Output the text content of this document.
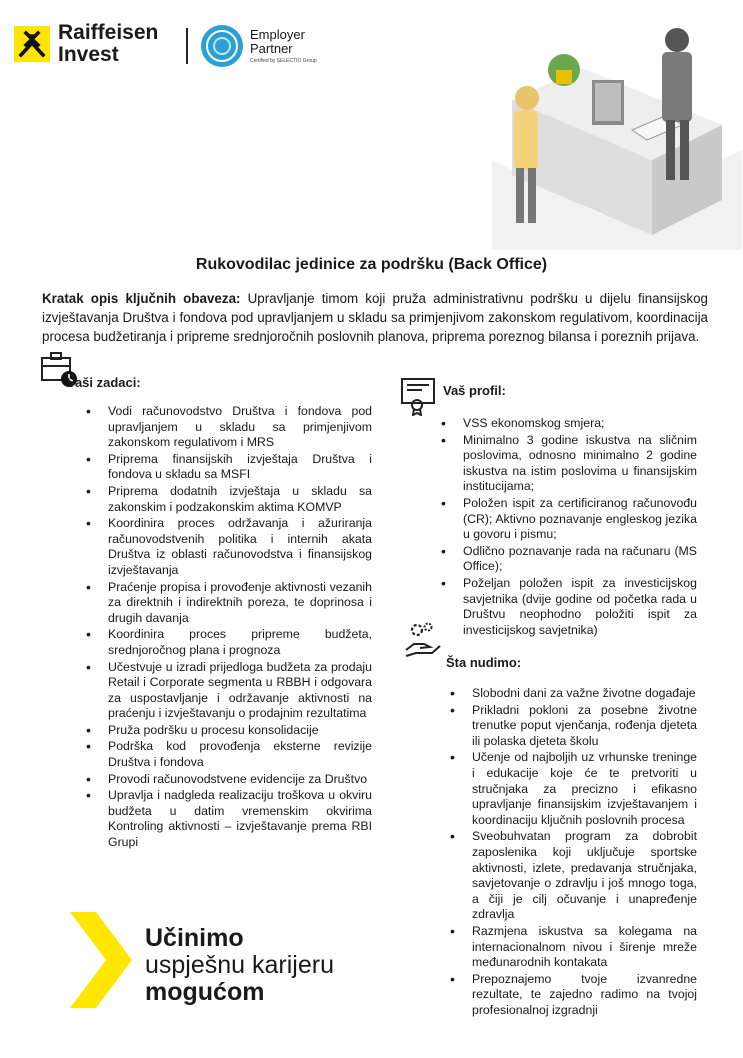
Raiffeisen
Invest
Employer
Partner
Certified by SELECTIO Group
Rukovodilac jedinice za podršku (Back Office)
Kratak opis ključnih obaveza: Upravljanje timom koji pruža administrativnu podršku u dijelu finansijskog izvještavanja Društva i fondova pod upravljanjem u skladu sa primjenjivom zakonskom regulativom, koordinacija procesa budžetiranja i pripreme srednjoročnih poslovnih planova, priprema poreznog bilansa i poreznih prijava.
Vaši zadaci:
• Vodi računovodstvo Društva i fondova pod upravljanjem u skladu sa primjenjivom zakonskom regulativom i MRS
• Priprema finansijskih izvještaja Društva i fondova u skladu sa MSFI
• Priprema dodatnih izvještaja u skladu sa zakonskim i podzakonskim aktima KOMVP
• Koordinira proces održavanja i ažuriranja računovodstvenih politika i internih akata Društva iz oblasti računovodstva i finansijskog izvještavanja
• Praćenje propisa i provođenje aktivnosti vezanih za direktnih i indirektnih poreza, te doprinosa i drugih davanja
• Koordinira proces pripreme budžeta, srednjoročnog plana i prognoza
• Učestvuje u izradi prijedloga budžeta za prodaju Retail i Corporate segmenta u RBBH i odgovara za uspostavljanje i održavanje aktivnosti na praćenju i izvještavanju o prodajnim rezultatima
• Pruža podršku u procesu konsolidacije
• Podrška kod provođenja eksterne revizije Društva i fondova
• Provodi računovodstvene evidencije za Društvo
• Upravlja i nadgleda realizaciju troškova u okviru budžeta u datim vremenskim okvirima Kontroling aktivnosti – izvještavanje prema RBI Grupi
Vaš profil:
• VSS ekonomskog smjera;
• Minimalno 3 godine iskustva na sličnim poslovima, odnosno minimalno 2 godine iskustva na istim poslovima u finansijskim institucijama;
• Položen ispit za certificiranog računovođu (CR); Aktivno poznavanje engleskog jezika u govoru i pismu;
• Odlično poznavanje rada na računaru (MS Office);
• Poželjan položen ispit za investicijskog savjetnika (dvije godine od početka rada u Društvu neophodno položiti ispit za investicijskog savjetnika)
Šta nudimo:
• Slobodni dani za važne životne događaje
• Prikladni pokloni za posebne životne trenutke poput vjenčanja, rođenja djeteta ili polaska djeteta školu
• Učenje od najboljih uz vrhunske treninge i edukacije koje će te pretvoriti u stručnjaka za precizno i efikasno upravljanje finansijskim izvještavanjem i koordinaciju ključnih poslovnih procesa
• Sveobuhvatan program za dobrobit zaposlenika koji uključuje sportske aktivnosti, izlete, predavanja stručnjaka, savjetovanje o zdravlju i još mnogo toga, a čiji je cilj očuvanje i unapređenje zdravlja
• Razmjena iskustva sa kolegama na internacionalnom nivou i širenje mreže međunarodnih kontakata
• Prepoznajemo tvoje izvanredne rezultate, te zajedno radimo na tvojoj profesionalnoj izgradnji
Učinimo
uspješnu karijeru
mogućom
